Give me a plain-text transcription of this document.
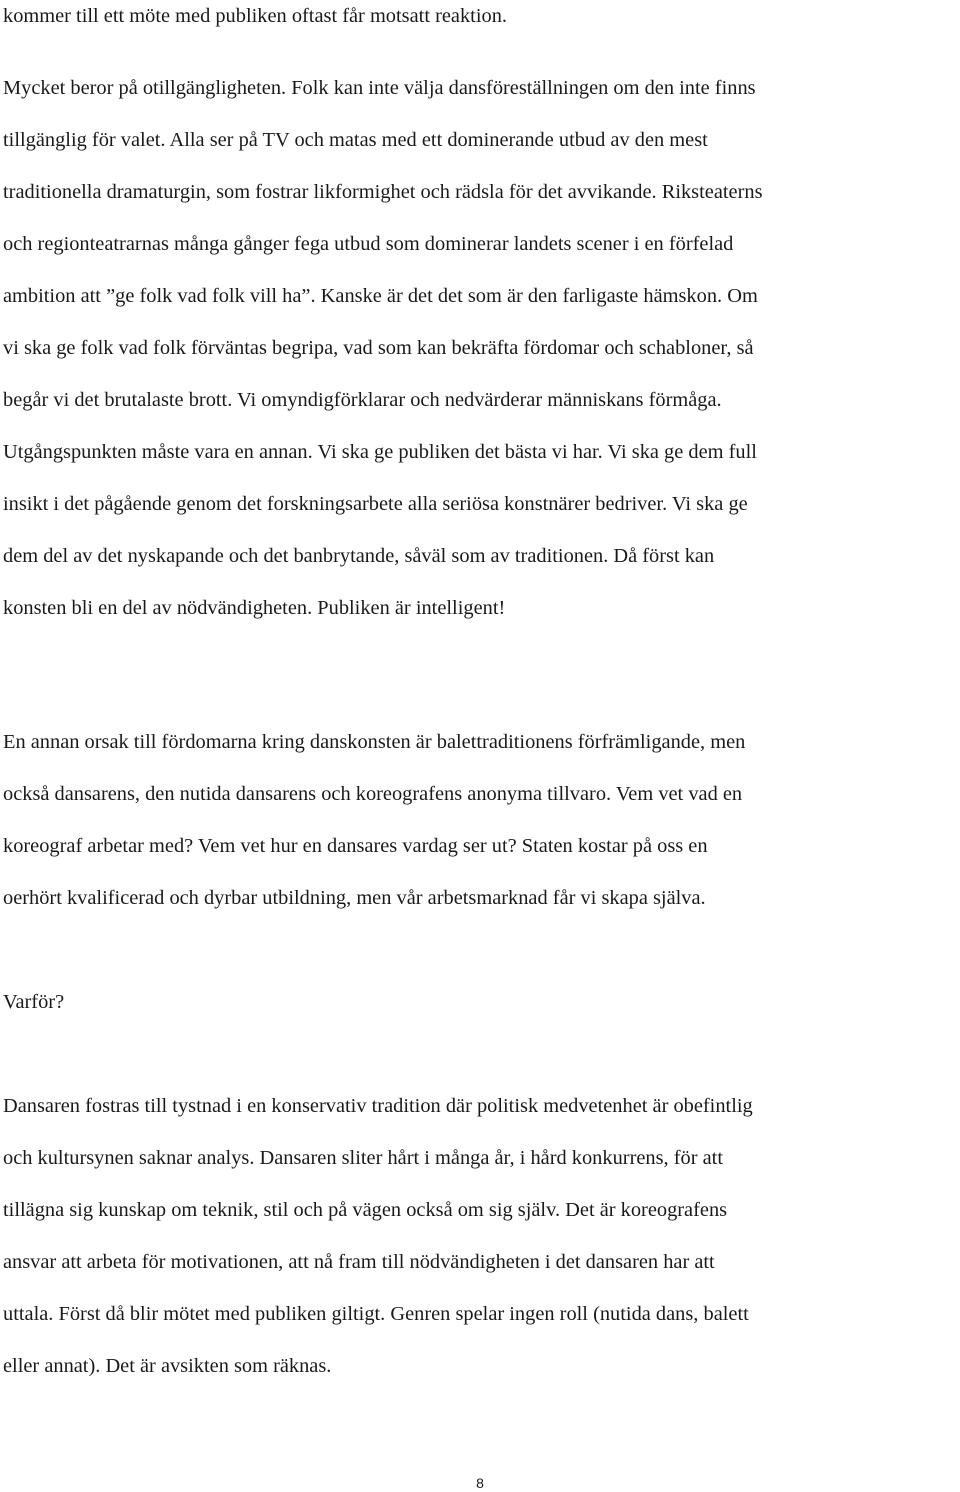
kommer till ett möte med publiken oftast får motsatt reaktion.
Mycket beror på otillgängligheten. Folk kan inte välja dansföreställningen om den inte finns
tillgänglig för valet. Alla ser på TV och matas med ett dominerande utbud av den mest
traditionella dramaturgin, som fostrar likformighet och rädsla för det avvikande. Riksteaterns
och regionteatrarnas många gånger fega utbud som dominerar landets scener i en förfelad
ambition att ”ge folk vad folk vill ha”. Kanske är det det som är den farligaste hämskon. Om
vi ska ge folk vad folk förväntas begripa, vad som kan bekräfta fördomar och schabloner, så
begår vi det brutalaste brott. Vi omyndigförklarar och nedvärderar människans förmåga.
Utgångspunkten måste vara en annan. Vi ska ge publiken det bästa vi har. Vi ska ge dem full
insikt i det pågående genom det forskningsarbete alla seriösa konstnärer bedriver. Vi ska ge
dem del av det nyskapande och det banbrytande, såväl som av traditionen. Då först kan
konsten bli en del av nödvändigheten. Publiken är intelligent!
En annan orsak till fördomarna kring danskonsten är balettraditionens förfrämligande, men
också dansarens, den nutida dansarens och koreografens anonyma tillvaro. Vem vet vad en
koreograf arbetar med? Vem vet hur en dansares vardag ser ut? Staten kostar på oss en
oerhört kvalificerad och dyrbar utbildning, men vår arbetsmarknad får vi skapa själva.
Varför?
Dansaren fostras till tystnad i en konservativ tradition där politisk medvetenhet är obefintlig
och kultursynen saknar analys. Dansaren sliter hårt i många år, i hård konkurrens, för att
tillägna sig kunskap om teknik, stil och på vägen också om sig själv. Det är koreografens
ansvar att arbeta för motivationen, att nå fram till nödvändigheten i det dansaren har att
uttala. Först då blir mötet med publiken giltigt. Genren spelar ingen roll (nutida dans, balett
eller annat). Det är avsikten som räknas.
8
